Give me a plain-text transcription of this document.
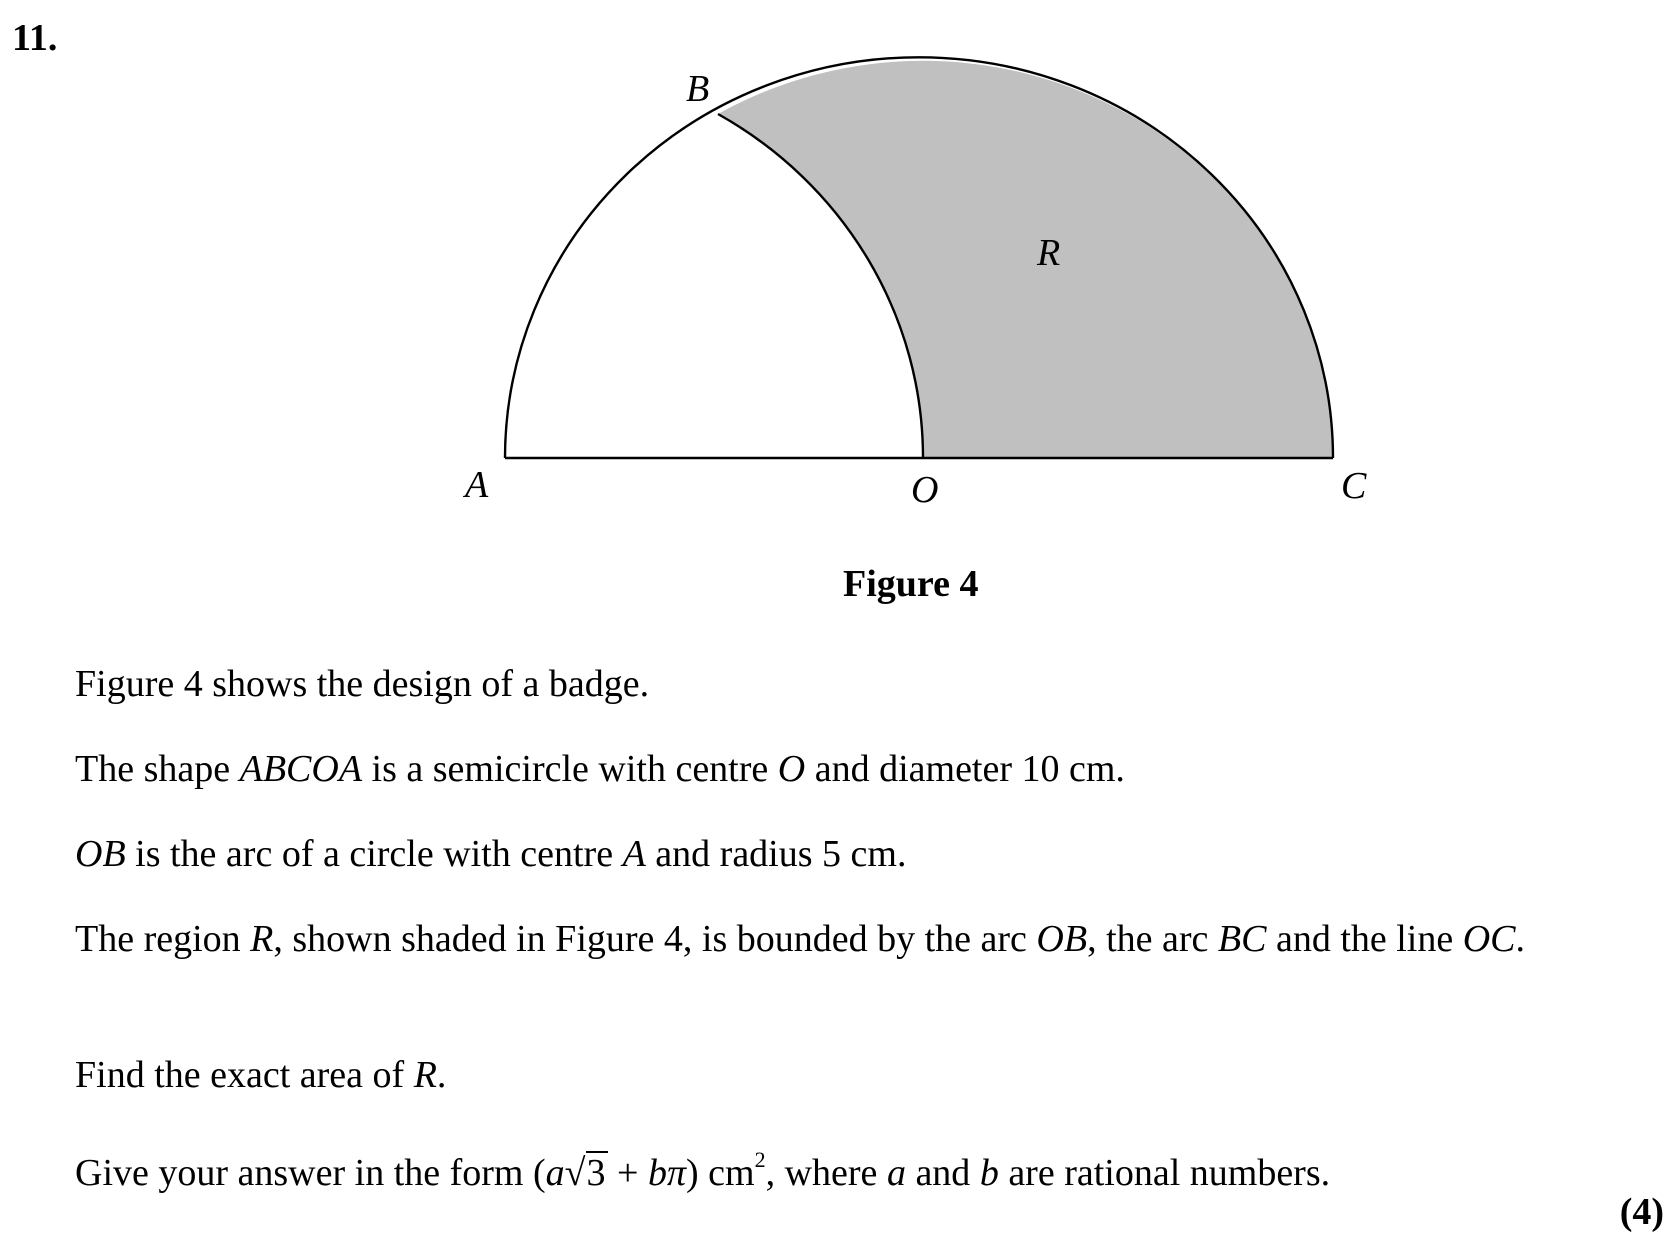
11.
B
R
A	O	C
Figure 4
Figure 4 shows the design of a badge.
The shape ABCOA is a semicircle with centre O and diameter 10 cm.
OB is the arc of a circle with centre A and radius 5 cm.
The region R, shown shaded in Figure 4, is bounded by the arc OB, the arc BC and the line OC.
Find the exact area of R.
Give your answer in the form (a√3 + bπ) $cm^2$, where a and b are rational numbers.
(4)
